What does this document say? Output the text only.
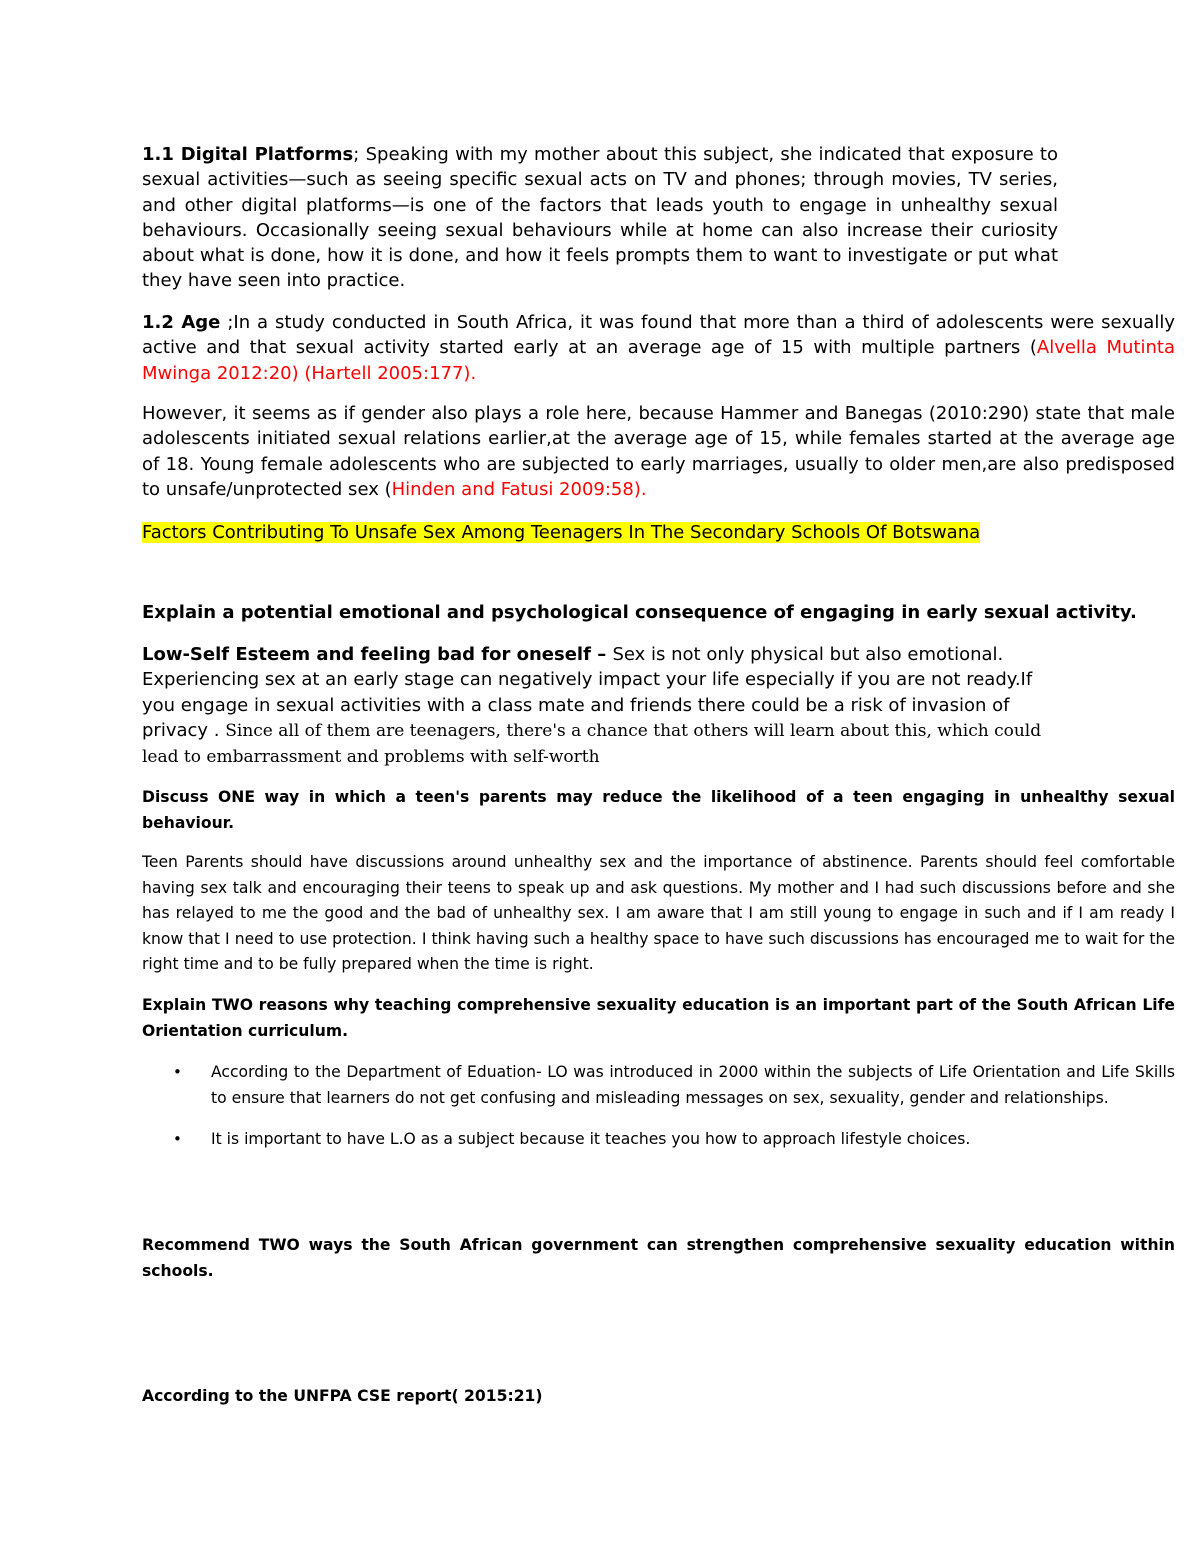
1.1 Digital Platforms; Speaking with my mother about this subject, she indicated that exposure to sexual activities—such as seeing specific sexual acts on TV and phones; through movies, TV series, and other digital platforms—is one of the factors that leads youth to engage in unhealthy sexual behaviours. Occasionally seeing sexual behaviours while at home can also increase their curiosity about what is done, how it is done, and how it feels prompts them to want to investigate or put what they have seen into practice.

1.2 Age ;In a study conducted in South Africa, it was found that more than a third of adolescents were sexually active and that sexual activity started early at an average age of 15 with multiple partners (Alvella Mutinta Mwinga 2012:20) (Hartell 2005:177).

However, it seems as if gender also plays a role here, because Hammer and Banegas (2010:290) state that male adolescents initiated sexual relations earlier,at the average age of 15, while females started at the average age of 18. Young female adolescents who are subjected to early marriages, usually to older men,are also predisposed to unsafe/unprotected sex (Hinden and Fatusi 2009:58).

Factors Contributing To Unsafe Sex Among Teenagers In The Secondary Schools Of Botswana

Explain a potential emotional and psychological consequence of engaging in early sexual activity.

Low-Self Esteem and feeling bad for oneself – Sex is not only physical but also emotional. Experiencing sex at an early stage can negatively impact your life especially if you are not ready.If you engage in sexual activities with a class mate and friends there could be a risk of invasion of privacy . Since all of them are teenagers, there's a chance that others will learn about this, which could lead to embarrassment and problems with self-worth

Discuss ONE way in which a teen's parents may reduce the likelihood of a teen engaging in unhealthy sexual behaviour.

Teen Parents should have discussions around unhealthy sex and the importance of abstinence. Parents should feel comfortable having sex talk and encouraging their teens to speak up and ask questions. My mother and I had such discussions before and she has relayed to me the good and the bad of unhealthy sex. I am aware that I am still young to engage in such and if I am ready I know that I need to use protection. I think having such a healthy space to have such discussions has encouraged me to wait for the right time and to be fully prepared when the time is right.

Explain TWO reasons why teaching comprehensive sexuality education is an important part of the South African Life Orientation curriculum.

• According to the Department of Eduation- LO was introduced in 2000 within the subjects of Life Orientation and Life Skills to ensure that learners do not get confusing and misleading messages on sex, sexuality, gender and relationships.
• It is important to have L.O as a subject because it teaches you how to approach lifestyle choices.

Recommend TWO ways the South African government can strengthen comprehensive sexuality education within schools.

According to the UNFPA CSE report( 2015:21)
